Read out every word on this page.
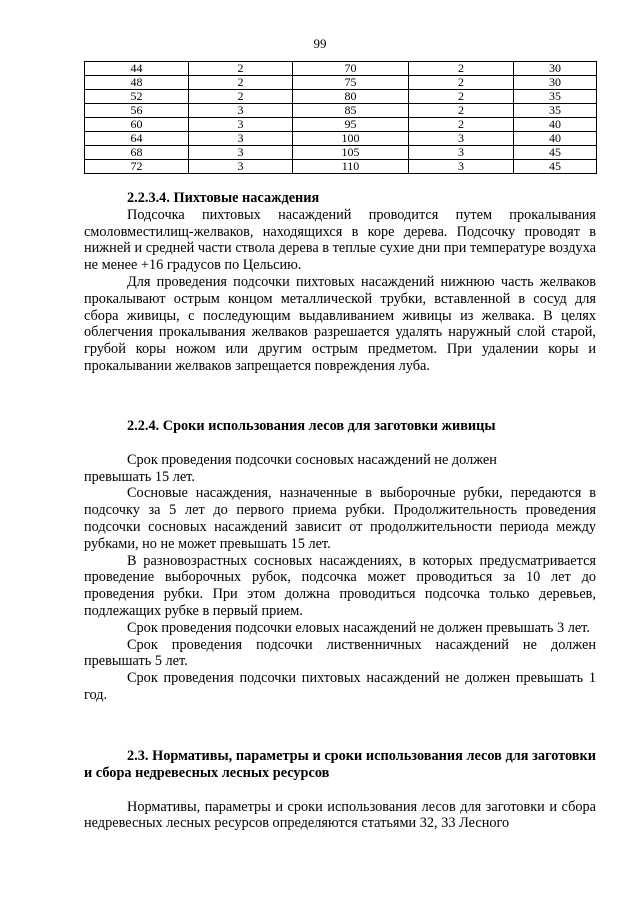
99
44	2	70	2	30
48	2	75	2	30
52	2	80	2	35
56	3	85	2	35
60	3	95	2	40
64	3	100	3	40
68	3	105	3	45
72	3	110	3	45

2.2.3.4. Пихтовые насаждения

Подсочка пихтовых насаждений проводится путем прокалывания смоловместилищ-желваков, находящихся в коре дерева. Подсочку проводят в нижней и средней части ствола дерева в теплые сухие дни при температуре воздуха не менее +16 градусов по Цельсию.

Для проведения подсочки пихтовых насаждений нижнюю часть желваков прокалывают острым концом металлической трубки, вставленной в сосуд для сбора живицы, с последующим выдавливанием живицы из желвака. В целях облегчения прокалывания желваков разрешается удалять наружный слой старой, грубой коры ножом или другим острым предметом. При удалении коры и прокалывании желваков запрещается повреждения луба.

2.2.4. Сроки использования лесов для заготовки живицы

Срок проведения подсочки сосновых насаждений не должен превышать 15 лет.

Сосновые насаждения, назначенные в выборочные рубки, передаются в подсочку за 5 лет до первого приема рубки. Продолжительность проведения подсочки сосновых насаждений зависит от продолжительности периода между рубками, но не может превышать 15 лет.

В разновозрастных сосновых насаждениях, в которых предусматривается проведение выборочных рубок, подсочка может проводиться за 10 лет до проведения рубки. При этом должна проводиться подсочка только деревьев, подлежащих рубке в первый прием.

Срок проведения подсочки еловых насаждений не должен превышать 3 лет.

Срок проведения подсочки лиственничных насаждений не должен превышать 5 лет.

Срок проведения подсочки пихтовых насаждений не должен превышать 1 год.

2.3. Нормативы, параметры и сроки использования лесов для заготовки и сбора недревесных лесных ресурсов

Нормативы, параметры и сроки использования лесов для заготовки и сбора недревесных лесных ресурсов определяются статьями 32, 33 Лесного
